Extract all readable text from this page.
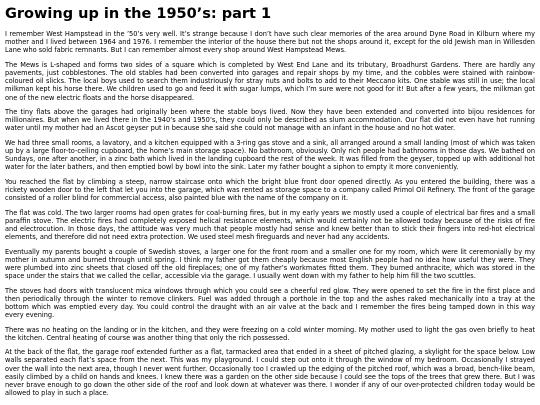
Growing up in the 1950’s: part 1

I remember West Hampstead in the ’50’s very well. It’s strange because I don’t have such clear memories of the area around Dyne Road in Kilburn where my mother and I lived between 1964 and 1976. I remember the interior of the house there but not the shops around it, except for the old Jewish man in Willesden Lane who sold fabric remnants. But I can remember almost every shop around West Hampstead Mews.

The Mews is L-shaped and forms two sides of a square which is completed by West End Lane and its tributary, Broadhurst Gardens. There are hardly any pavements, just cobblestones. The old stables had been converted into garages and repair shops by my time, and the cobbles were stained with rainbow-coloured oil slicks. The local boys used to search them industriously for stray nuts and bolts to add to their Meccano kits. One stable was still in use; the local milkman kept his horse there. We children used to go and feed it with sugar lumps, which I’m sure were not good for it! But after a few years, the milkman got one of the new electric floats and the horse disappeared.

The tiny flats above the garages had originally been where the stable boys lived. Now they have been extended and converted into bijou residences for millionaires. But when we lived there in the 1940’s and 1950’s, they could only be described as slum accommodation. Our flat did not even have hot running water until my mother had an Ascot geyser put in because she said she could not manage with an infant in the house and no hot water.

We had three small rooms, a lavatory, and a kitchen equipped with a 3-ring gas stove and a sink, all arranged around a small landing (most of which was taken up by a large floor-to-ceiling cupboard, the home’s main storage space). No bathroom, obviously. Only rich people had bathrooms in those days. We bathed on Sundays, one after another, in a zinc bath which lived in the landing cupboard the rest of the week. It was filled from the geyser, topped up with additional hot water for the later bathers, and then emptied bowl by bowl into the sink. Later my father bought a siphon to empty it more conveniently.

You reached the flat by climbing a steep, narrow staircase onto which the bright blue front door opened directly. As you entered the building, there was a rickety wooden door to the left that let you into the garage, which was rented as storage space to a company called Primol Oil Refinery. The front of the garage consisted of a roller blind for commercial access, also painted blue with the name of the company on it.

The flat was cold. The two larger rooms had open grates for coal-burning fires, but in my early years we mostly used a couple of electrical bar fires and a small paraffin stove. The electric fires had completely exposed helical resistance elements, which would certainly not be allowed today because of the risks of fire and electrocution. In those days, the attitude was very much that people mostly had sense and knew better than to stick their fingers into red-hot electrical elements, and therefore did not need extra protection. We used steel mesh fireguards and never had any accidents.

Eventually my parents bought a couple of Swedish stoves, a larger one for the front room and a smaller one for my room, which were lit ceremonially by my mother in autumn and burned through until spring. I think my father got them cheaply because most English people had no idea how useful they were. They were plumbed into zinc sheets that closed off the old fireplaces; one of my father’s workmates fitted them. They burned anthracite, which was stored in the space under the stairs that we called the cellar, accessible via the garage. I usually went down with my father to help him fill the two scuttles.

The stoves had doors with translucent mica windows through which you could see a cheerful red glow. They were opened to set the fire in the first place and then periodically through the winter to remove clinkers. Fuel was added through a porthole in the top and the ashes raked mechanically into a tray at the bottom which was emptied every day. You could control the draught with an air valve at the back and I remember the fires being tamped down in this way every evening.

There was no heating on the landing or in the kitchen, and they were freezing on a cold winter morning. My mother used to light the gas oven briefly to heat the kitchen. Central heating of course was another thing that only the rich possessed.

At the back of the flat, the garage roof extended further as a flat, tarmacked area that ended in a sheet of pitched glazing, a skylight for the space below. Low walls separated each flat’s space from the next. This was my playground. I could step out onto it through the window of my bedroom. Occasionally I strayed over the wall into the next area, though I never went further. Occasionally too I crawled up the edging of the pitched roof, which was a broad, bench-like beam, easily climbed by a child on hands and knees. I knew there was a garden on the other side because I could see the tops of the trees that grew there. But I was never brave enough to go down the other side of the roof and look down at whatever was there. I wonder if any of our over-protected children today would be allowed to play in such a place.
